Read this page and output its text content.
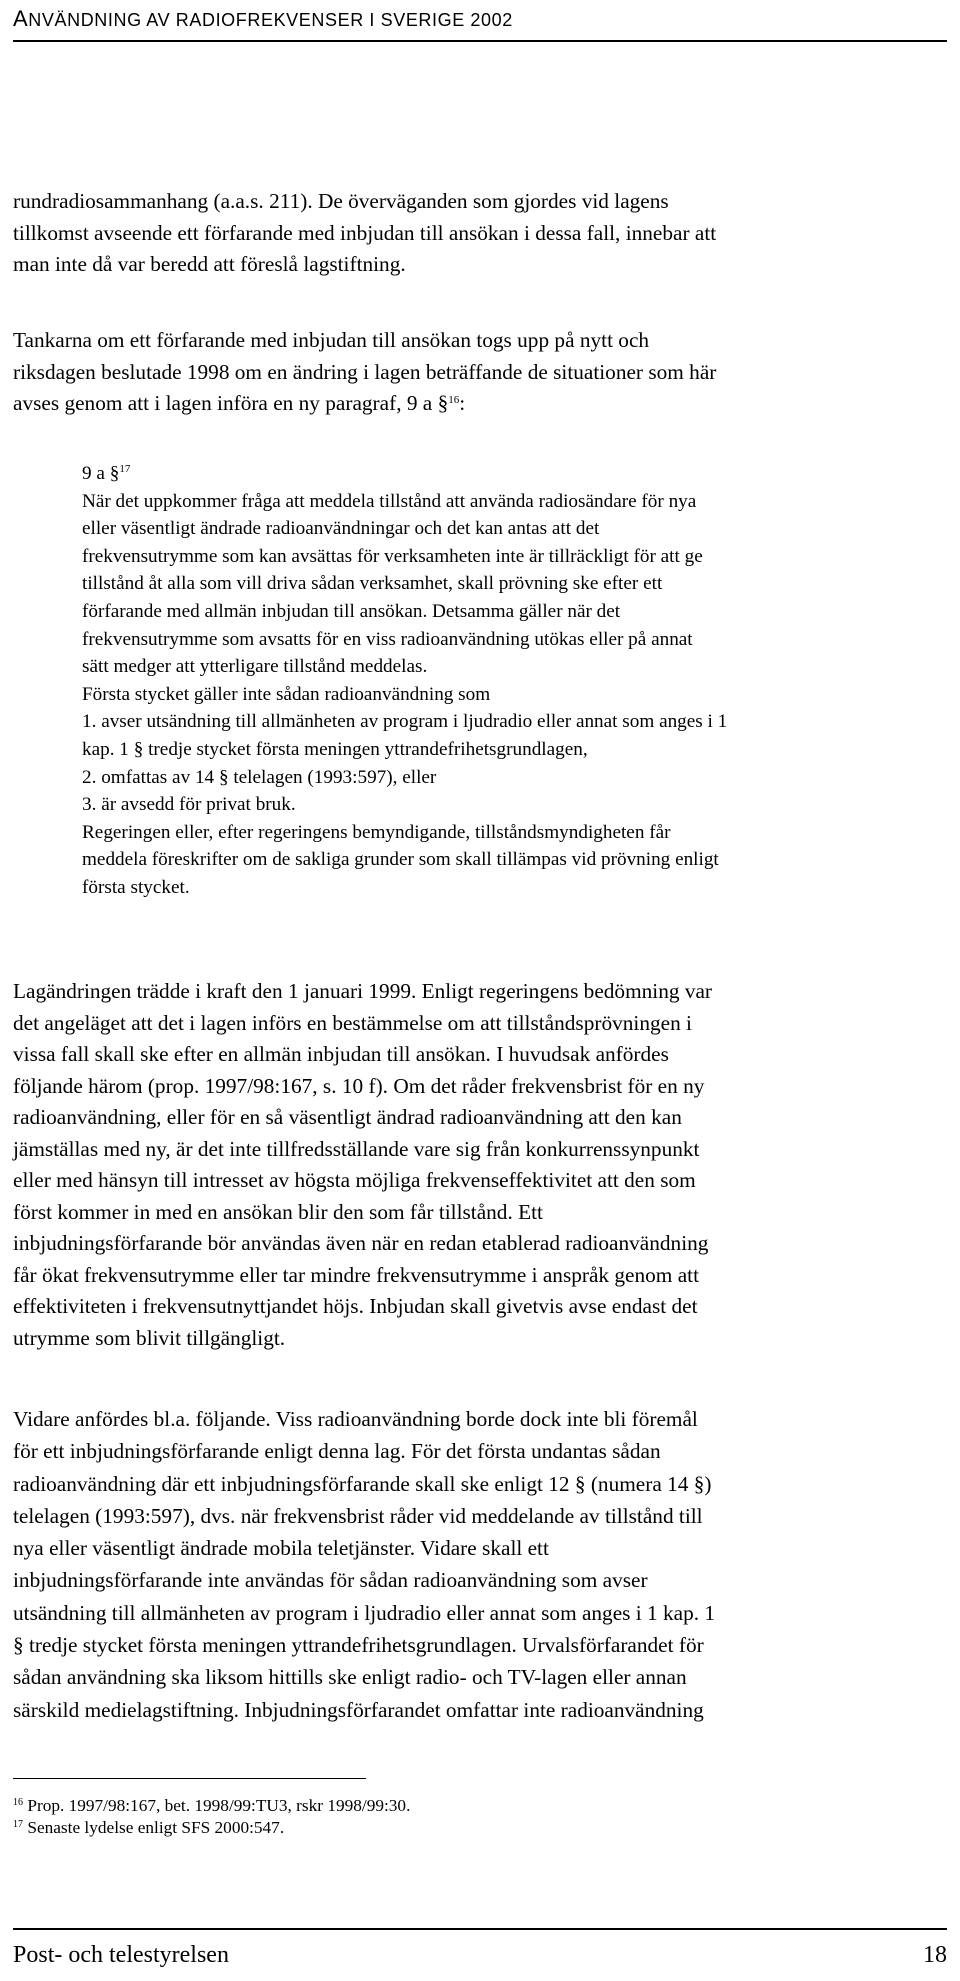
ANVÄNDNING AV RADIOFREKVENSER I SVERIGE 2002
rundradiosammanhang (a.a.s. 211). De överväganden som gjordes vid lagens
tillkomst avseende ett förfarande med inbjudan till ansökan i dessa fall, innebar att
man inte då var beredd att föreslå lagstiftning.
Tankarna om ett förfarande med inbjudan till ansökan togs upp på nytt och
riksdagen beslutade 1998 om en ändring i lagen beträffande de situationer som här
avses genom att i lagen införa en ny paragraf, 9 a §$^{16}$:
9 a §$^{17}$
När det uppkommer fråga att meddela tillstånd att använda radiosändare för nya
eller väsentligt ändrade radioanvändningar och det kan antas att det
frekvensutrymme som kan avsättas för verksamheten inte är tillräckligt för att ge
tillstånd åt alla som vill driva sådan verksamhet, skall prövning ske efter ett
förfarande med allmän inbjudan till ansökan. Detsamma gäller när det
frekvensutrymme som avsatts för en viss radioanvändning utökas eller på annat
sätt medger att ytterligare tillstånd meddelas.
Första stycket gäller inte sådan radioanvändning som
1. avser utsändning till allmänheten av program i ljudradio eller annat som anges i 1
kap. 1 § tredje stycket första meningen yttrandefrihetsgrundlagen,
2. omfattas av 14 § telelagen (1993:597), eller
3. är avsedd för privat bruk.
Regeringen eller, efter regeringens bemyndigande, tillståndsmyndigheten får
meddela föreskrifter om de sakliga grunder som skall tillämpas vid prövning enligt
första stycket.
Lagändringen trädde i kraft den 1 januari 1999. Enligt regeringens bedömning var
det angeläget att det i lagen införs en bestämmelse om att tillståndsprövningen i
vissa fall skall ske efter en allmän inbjudan till ansökan. I huvudsak anfördes
följande härom (prop. 1997/98:167, s. 10 f). Om det råder frekvensbrist för en ny
radioanvändning, eller för en så väsentligt ändrad radioanvändning att den kan
jämställas med ny, är det inte tillfredsställande vare sig från konkurrenssynpunkt
eller med hänsyn till intresset av högsta möjliga frekvenseffektivitet att den som
först kommer in med en ansökan blir den som får tillstånd. Ett
inbjudningsförfarande bör användas även när en redan etablerad radioanvändning
får ökat frekvensutrymme eller tar mindre frekvensutrymme i anspråk genom att
effektiviteten i frekvensutnyttjandet höjs. Inbjudan skall givetvis avse endast det
utrymme som blivit tillgängligt.
Vidare anfördes bl.a. följande. Viss radioanvändning borde dock inte bli föremål
för ett inbjudningsförfarande enligt denna lag. För det första undantas sådan
radioanvändning där ett inbjudningsförfarande skall ske enligt 12 § (numera 14 §)
telelagen (1993:597), dvs. när frekvensbrist råder vid meddelande av tillstånd till
nya eller väsentligt ändrade mobila teletjänster. Vidare skall ett
inbjudningsförfarande inte användas för sådan radioanvändning som avser
utsändning till allmänheten av program i ljudradio eller annat som anges i 1 kap. 1
§ tredje stycket första meningen yttrandefrihetsgrundlagen. Urvalsförfarandet för
sådan användning ska liksom hittills ske enligt radio- och TV-lagen eller annan
särskild medielagstiftning. Inbjudningsförfarandet omfattar inte radioanvändning
$^{16}$ Prop. 1997/98:167, bet. 1998/99:TU3, rskr 1998/99:30.
$^{17}$ Senaste lydelse enligt SFS 2000:547.
Post- och telestyrelsen	18
